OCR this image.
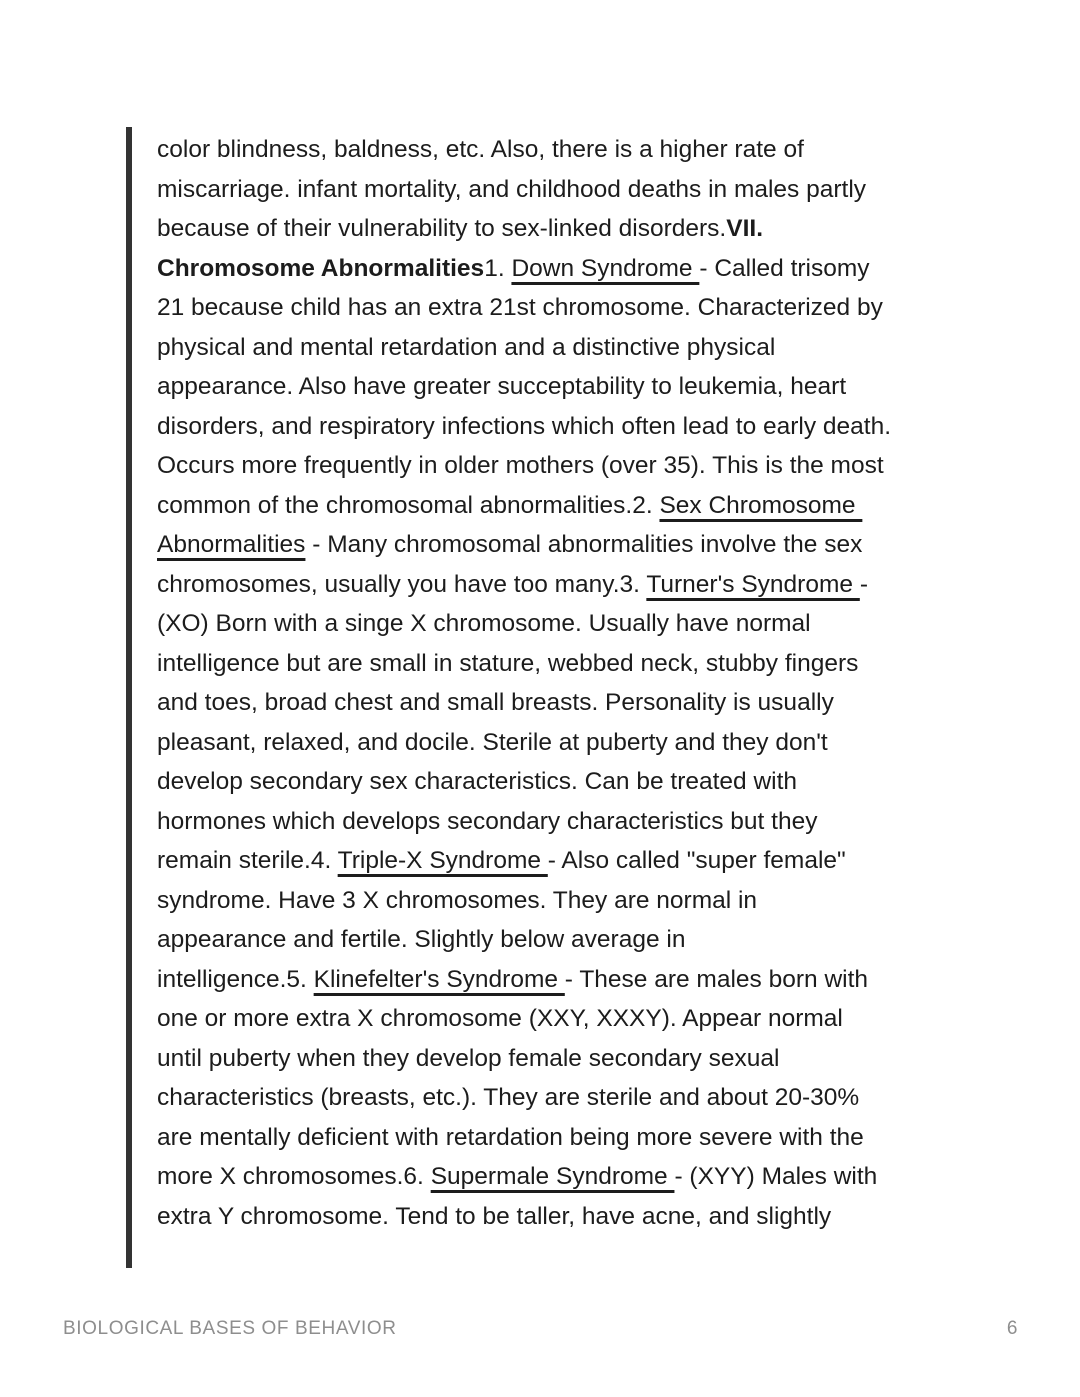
color blindness, baldness, etc. Also, there is a higher rate of
miscarriage. infant mortality, and childhood deaths in males partly
because of their vulnerability to sex-linked disorders.VII.
Chromosome Abnormalities1. Down Syndrome - Called trisomy
21 because child has an extra 21st chromosome. Characterized by
physical and mental retardation and a distinctive physical
appearance. Also have greater succeptability to leukemia, heart
disorders, and respiratory infections which often lead to early death.
Occurs more frequently in older mothers (over 35). This is the most
common of the chromosomal abnormalities.2. Sex Chromosome
Abnormalities - Many chromosomal abnormalities involve the sex
chromosomes, usually you have too many.3. Turner's Syndrome -
(XO) Born with a singe X chromosome. Usually have normal
intelligence but are small in stature, webbed neck, stubby fingers
and toes, broad chest and small breasts. Personality is usually
pleasant, relaxed, and docile. Sterile at puberty and they don't
develop secondary sex characteristics. Can be treated with
hormones which develops secondary characteristics but they
remain sterile.4. Triple-X Syndrome - Also called "super female"
syndrome. Have 3 X chromosomes. They are normal in
appearance and fertile. Slightly below average in
intelligence.5. Klinefelter's Syndrome - These are males born with
one or more extra X chromosome (XXY, XXXY). Appear normal
until puberty when they develop female secondary sexual
characteristics (breasts, etc.). They are sterile and about 20-30%
are mentally deficient with retardation being more severe with the
more X chromosomes.6. Supermale Syndrome - (XYY) Males with
extra Y chromosome. Tend to be taller, have acne, and slightly
BIOLOGICAL BASES OF BEHAVIOR	6
